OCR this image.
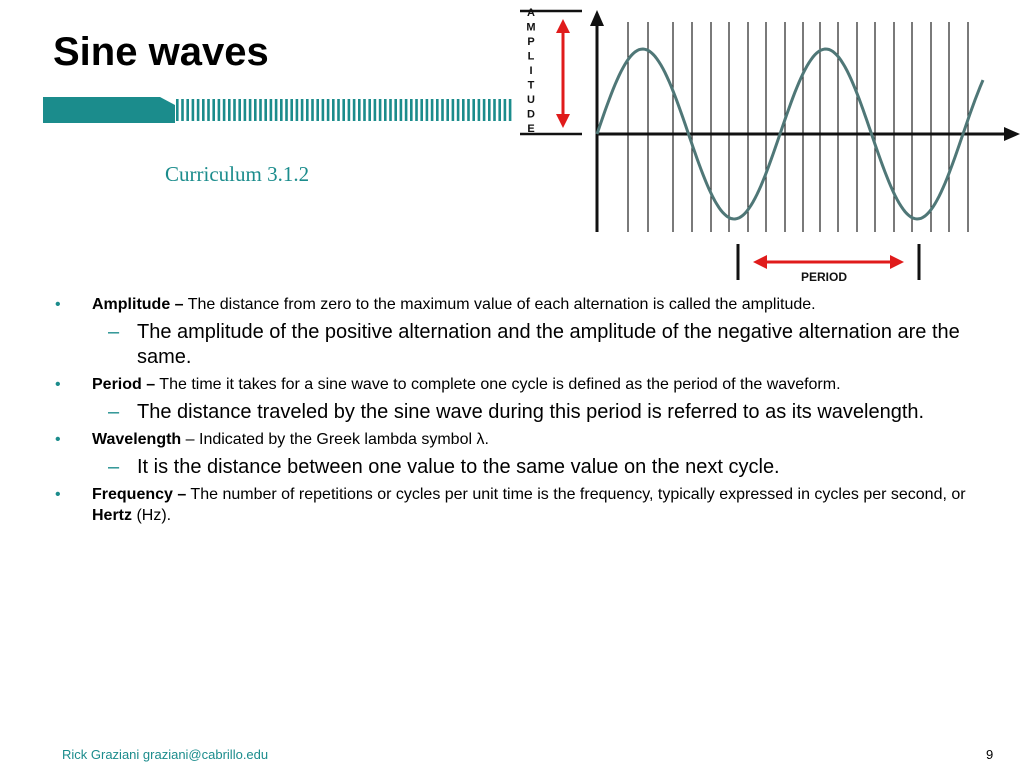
Sine waves
Curriculum 3.1.2
A
M
P
L
I
T
U
D
E
PERIOD
• Amplitude – The distance from zero to the maximum value of each alternation is called the amplitude.
– The amplitude of the positive alternation and the amplitude of the negative alternation are the same.
• Period – The time it takes for a sine wave to complete one cycle is defined as the period of the waveform.
– The distance traveled by the sine wave during this period is referred to as its wavelength.
• Wavelength – Indicated by the Greek lambda symbol λ.
– It is the distance between one value to the same value on the next cycle.
• Frequency – The number of repetitions or cycles per unit time is the frequency, typically expressed in cycles per second, or Hertz (Hz).
Rick Graziani graziani@cabrillo.edu	9
